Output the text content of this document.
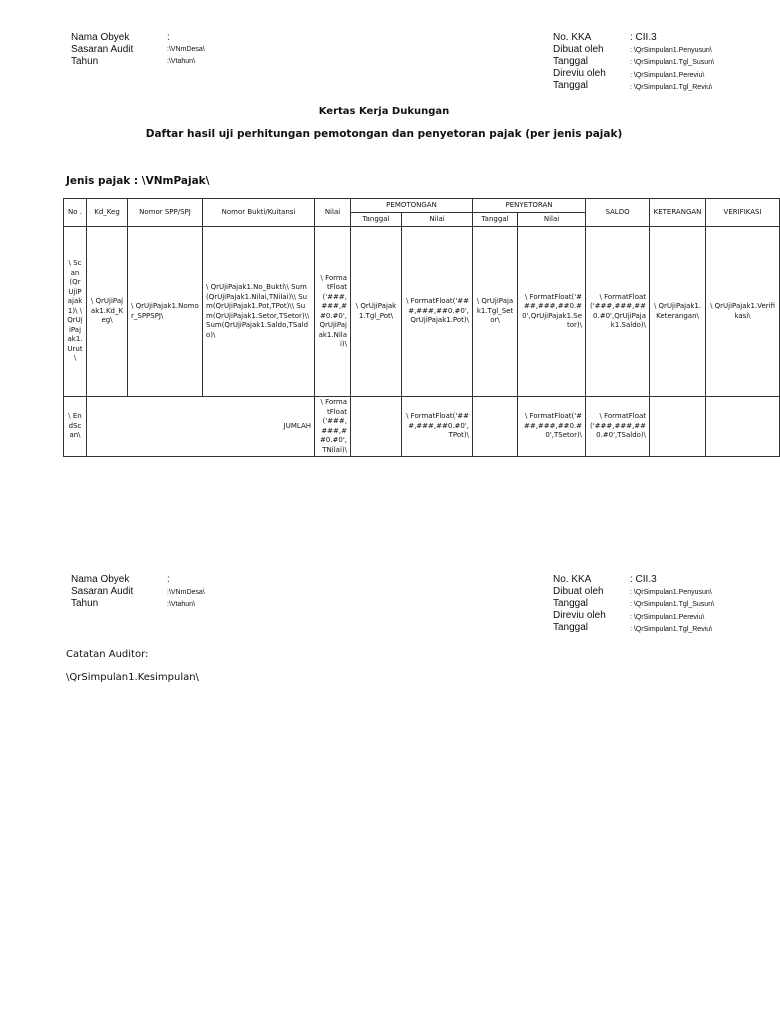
Nama Obyek	:
Sasaran Audit	:\VNmDesa\
Tahun	:\Vtahun\
No. KKA	: CII.3
Dibuat oleh	: \QrSimpulan1.Penyusun\
Tanggal	: \QrSimpulan1.Tgl_Susun\
Direviu oleh	: \QrSimpulan1.Pereviu\
Tanggal	: \QrSimpulan1.Tgl_Reviu\
Kertas Kerja Dukungan
Daftar hasil uji perhitungan pemotongan dan penyetoran pajak (per jenis pajak)
Jenis pajak : \VNmPajak\
No .	Kd_Keg	Nomor SPP/SPJ	Nomor Bukti/Kuitansi	Nilai	PEMOTONGAN		PENYETORAN		SALDO	KETERANGAN	VERIFIKASI
					Tanggal	Nilai	Tanggal	Nilai			
\ Scan(QrUjiPajak1)\ \ QrUjiPajak1.Urut\	\ QrUjiPajak1.Kd_Keg\	\ QrUjiPajak1.Nomor_SPPSPJ\	\ QrUjiPajak1.No_Bukti\\ Sum(QrUjiPajak1.Nilai,TNilai)\\ Sum(QrUjiPajak1.Pot,TPot)\\ Sum(QrUjiPajak1.Setor,TSetor)\\ Sum(QrUjiPajak1.Saldo,TSaldo)\	\ FormatFloat('###,###,##0.#0',QrUjiPajak1.Nilai)\	\ QrUjiPajak1.Tgl_Pot\	\ FormatFloat('###,###,##0.#0',QrUjiPajak1.Pot)\	\ QrUjiPajak1.Tgl_Setor\	\ FormatFloat('###,###,##0.#0',QrUjiPajak1.Setor)\	\ FormatFloat('###,###,##0.#0',QrUjiPajak1.Saldo)\	\ QrUjiPajak1.Keterangan\	\ QrUjiPajak1.Verifikasi\
\ EndScan\	JUMLAH			\ FormatFloat('###,###,##0.#0',TNilai)\		\ FormatFloat('###,###,##0.#0',TPot)\		\ FormatFloat('###,###,##0.#0',TSetor)\	\ FormatFloat('###,###,##0.#0',TSaldo)\		
Nama Obyek	:
Sasaran Audit	:\VNmDesa\
Tahun	:\Vtahun\
No. KKA	: CII.3
Dibuat oleh	: \QrSimpulan1.Penyusun\
Tanggal	: \QrSimpulan1.Tgl_Susun\
Direviu oleh	: \QrSimpulan1.Pereviu\
Tanggal	: \QrSimpulan1.Tgl_Reviu\
Catatan Auditor:
\QrSimpulan1.Kesimpulan\
